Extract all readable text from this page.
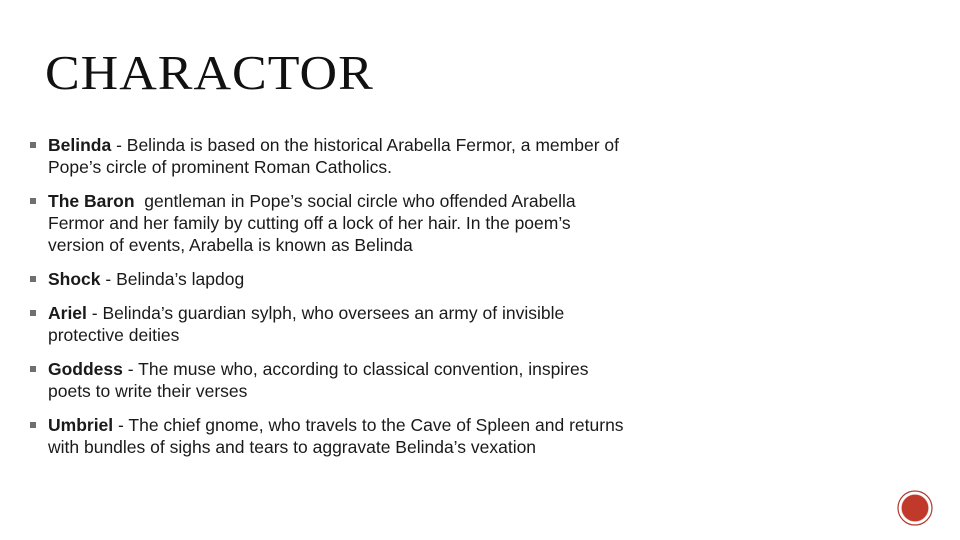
CHARACTOR
Belinda - Belinda is based on the historical Arabella Fermor, a member of Pope’s circle of prominent Roman Catholics.
The Baron gentleman in Pope’s social circle who offended Arabella Fermor and her family by cutting off a lock of her hair. In the poem’s version of events, Arabella is known as Belinda
Shock - Belinda’s lapdog
Ariel - Belinda’s guardian sylph, who oversees an army of invisible protective deities
Goddess - The muse who, according to classical convention, inspires poets to write their verses
Umbriel - The chief gnome, who travels to the Cave of Spleen and returns with bundles of sighs and tears to aggravate Belinda’s vexation
